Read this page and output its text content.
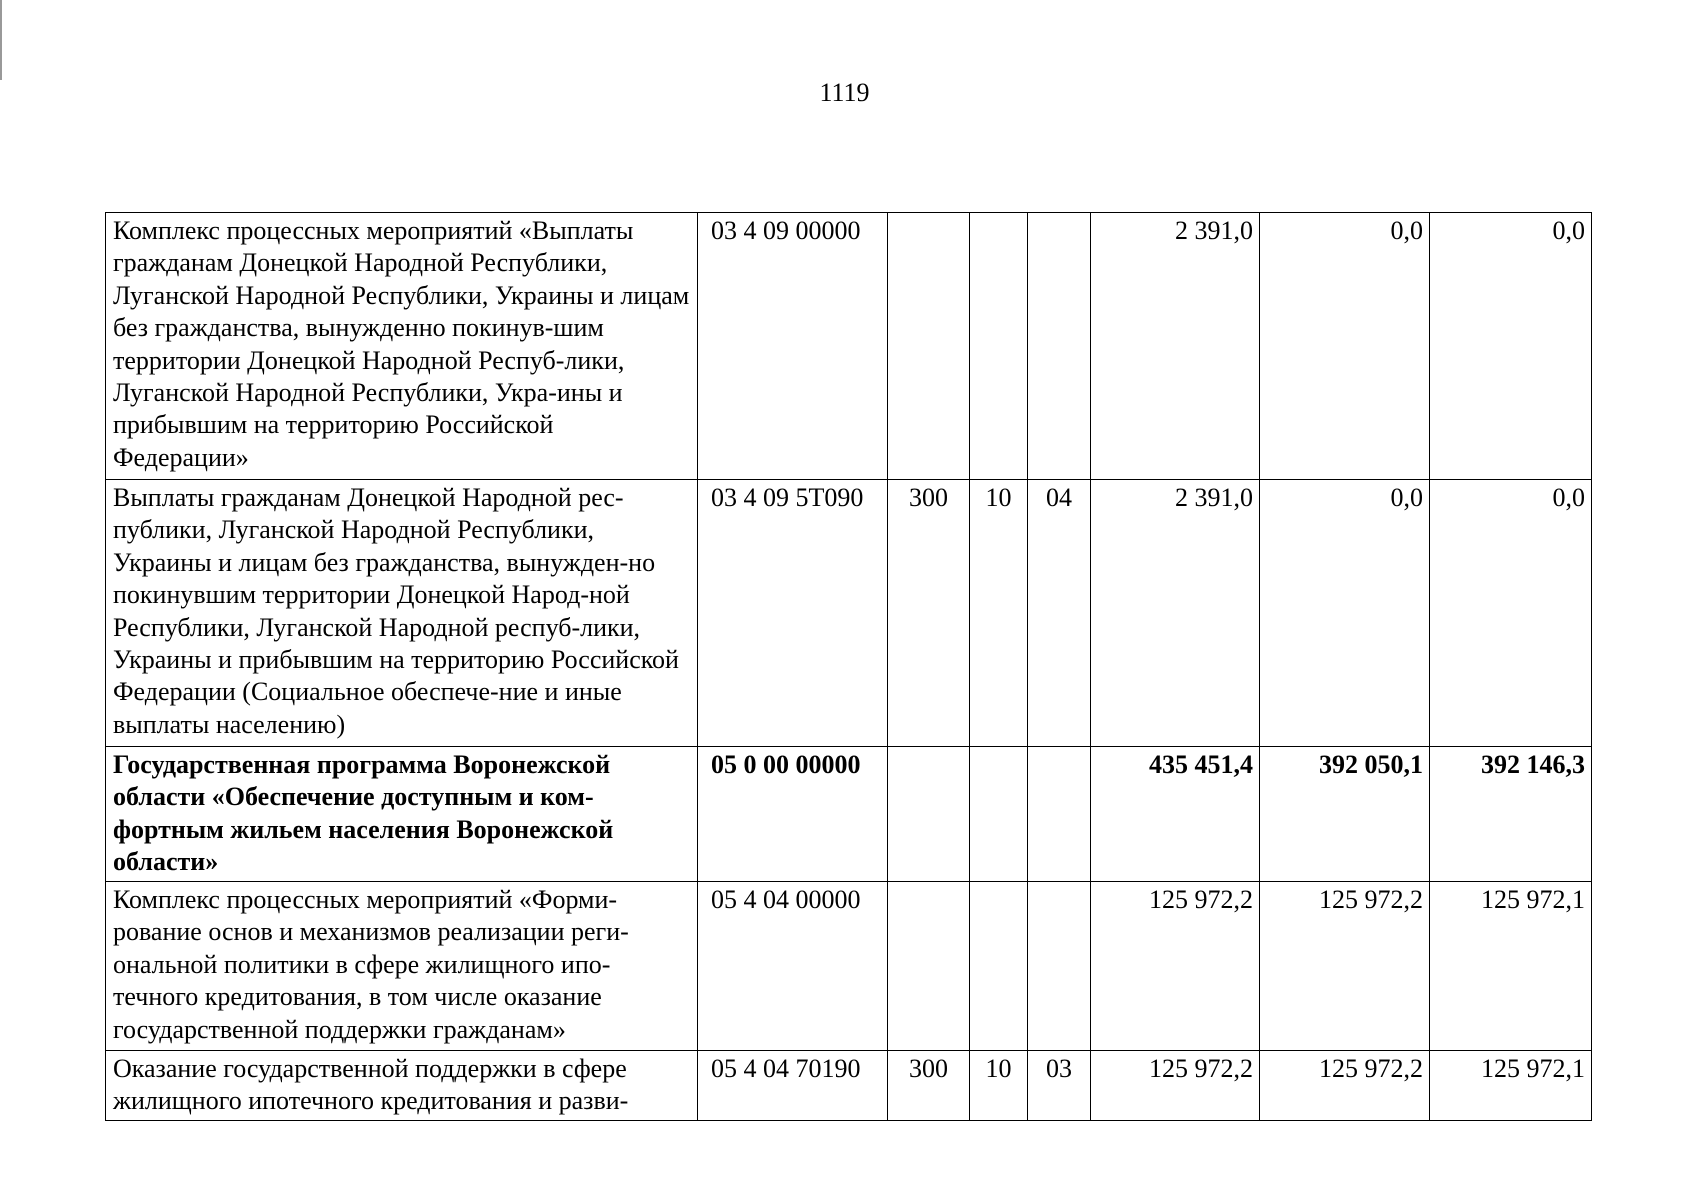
1119
Комплекс процессных мероприятий «Выплаты гражданам Донецкой Народной Республики, Луганской Народной Республики, Украины и лицам без гражданства, вынужденно покинув-шим территории Донецкой Народной Респуб-лики, Луганской Народной Республики, Укра-ины и прибывшим на территорию Российской Федерации»	03 4 09 00000				2 391,0	0,0	0,0
Выплаты гражданам Донецкой Народной рес-публики, Луганской Народной Республики, Украины и лицам без гражданства, вынужден-но покинувшим территории Донецкой Народ-ной Республики, Луганской Народной респуб-лики, Украины и прибывшим на территорию Российской Федерации (Социальное обеспече-ние и иные выплаты населению)	03 4 09 5Т090	300	10	04	2 391,0	0,0	0,0
Государственная программа Воронежской области «Обеспечение доступным и ком-фортным жильем населения Воронежской области»	05 0 00 00000				435 451,4	392 050,1	392 146,3
Комплекс процессных мероприятий «Форми-рование основ и механизмов реализации реги-ональной политики в сфере жилищного ипо-течного кредитования, в том числе оказание государственной поддержки гражданам»	05 4 04 00000				125 972,2	125 972,2	125 972,1
Оказание государственной поддержки в сфере жилищного ипотечного кредитования и разви-	05 4 04 70190	300	10	03	125 972,2	125 972,2	125 972,1
